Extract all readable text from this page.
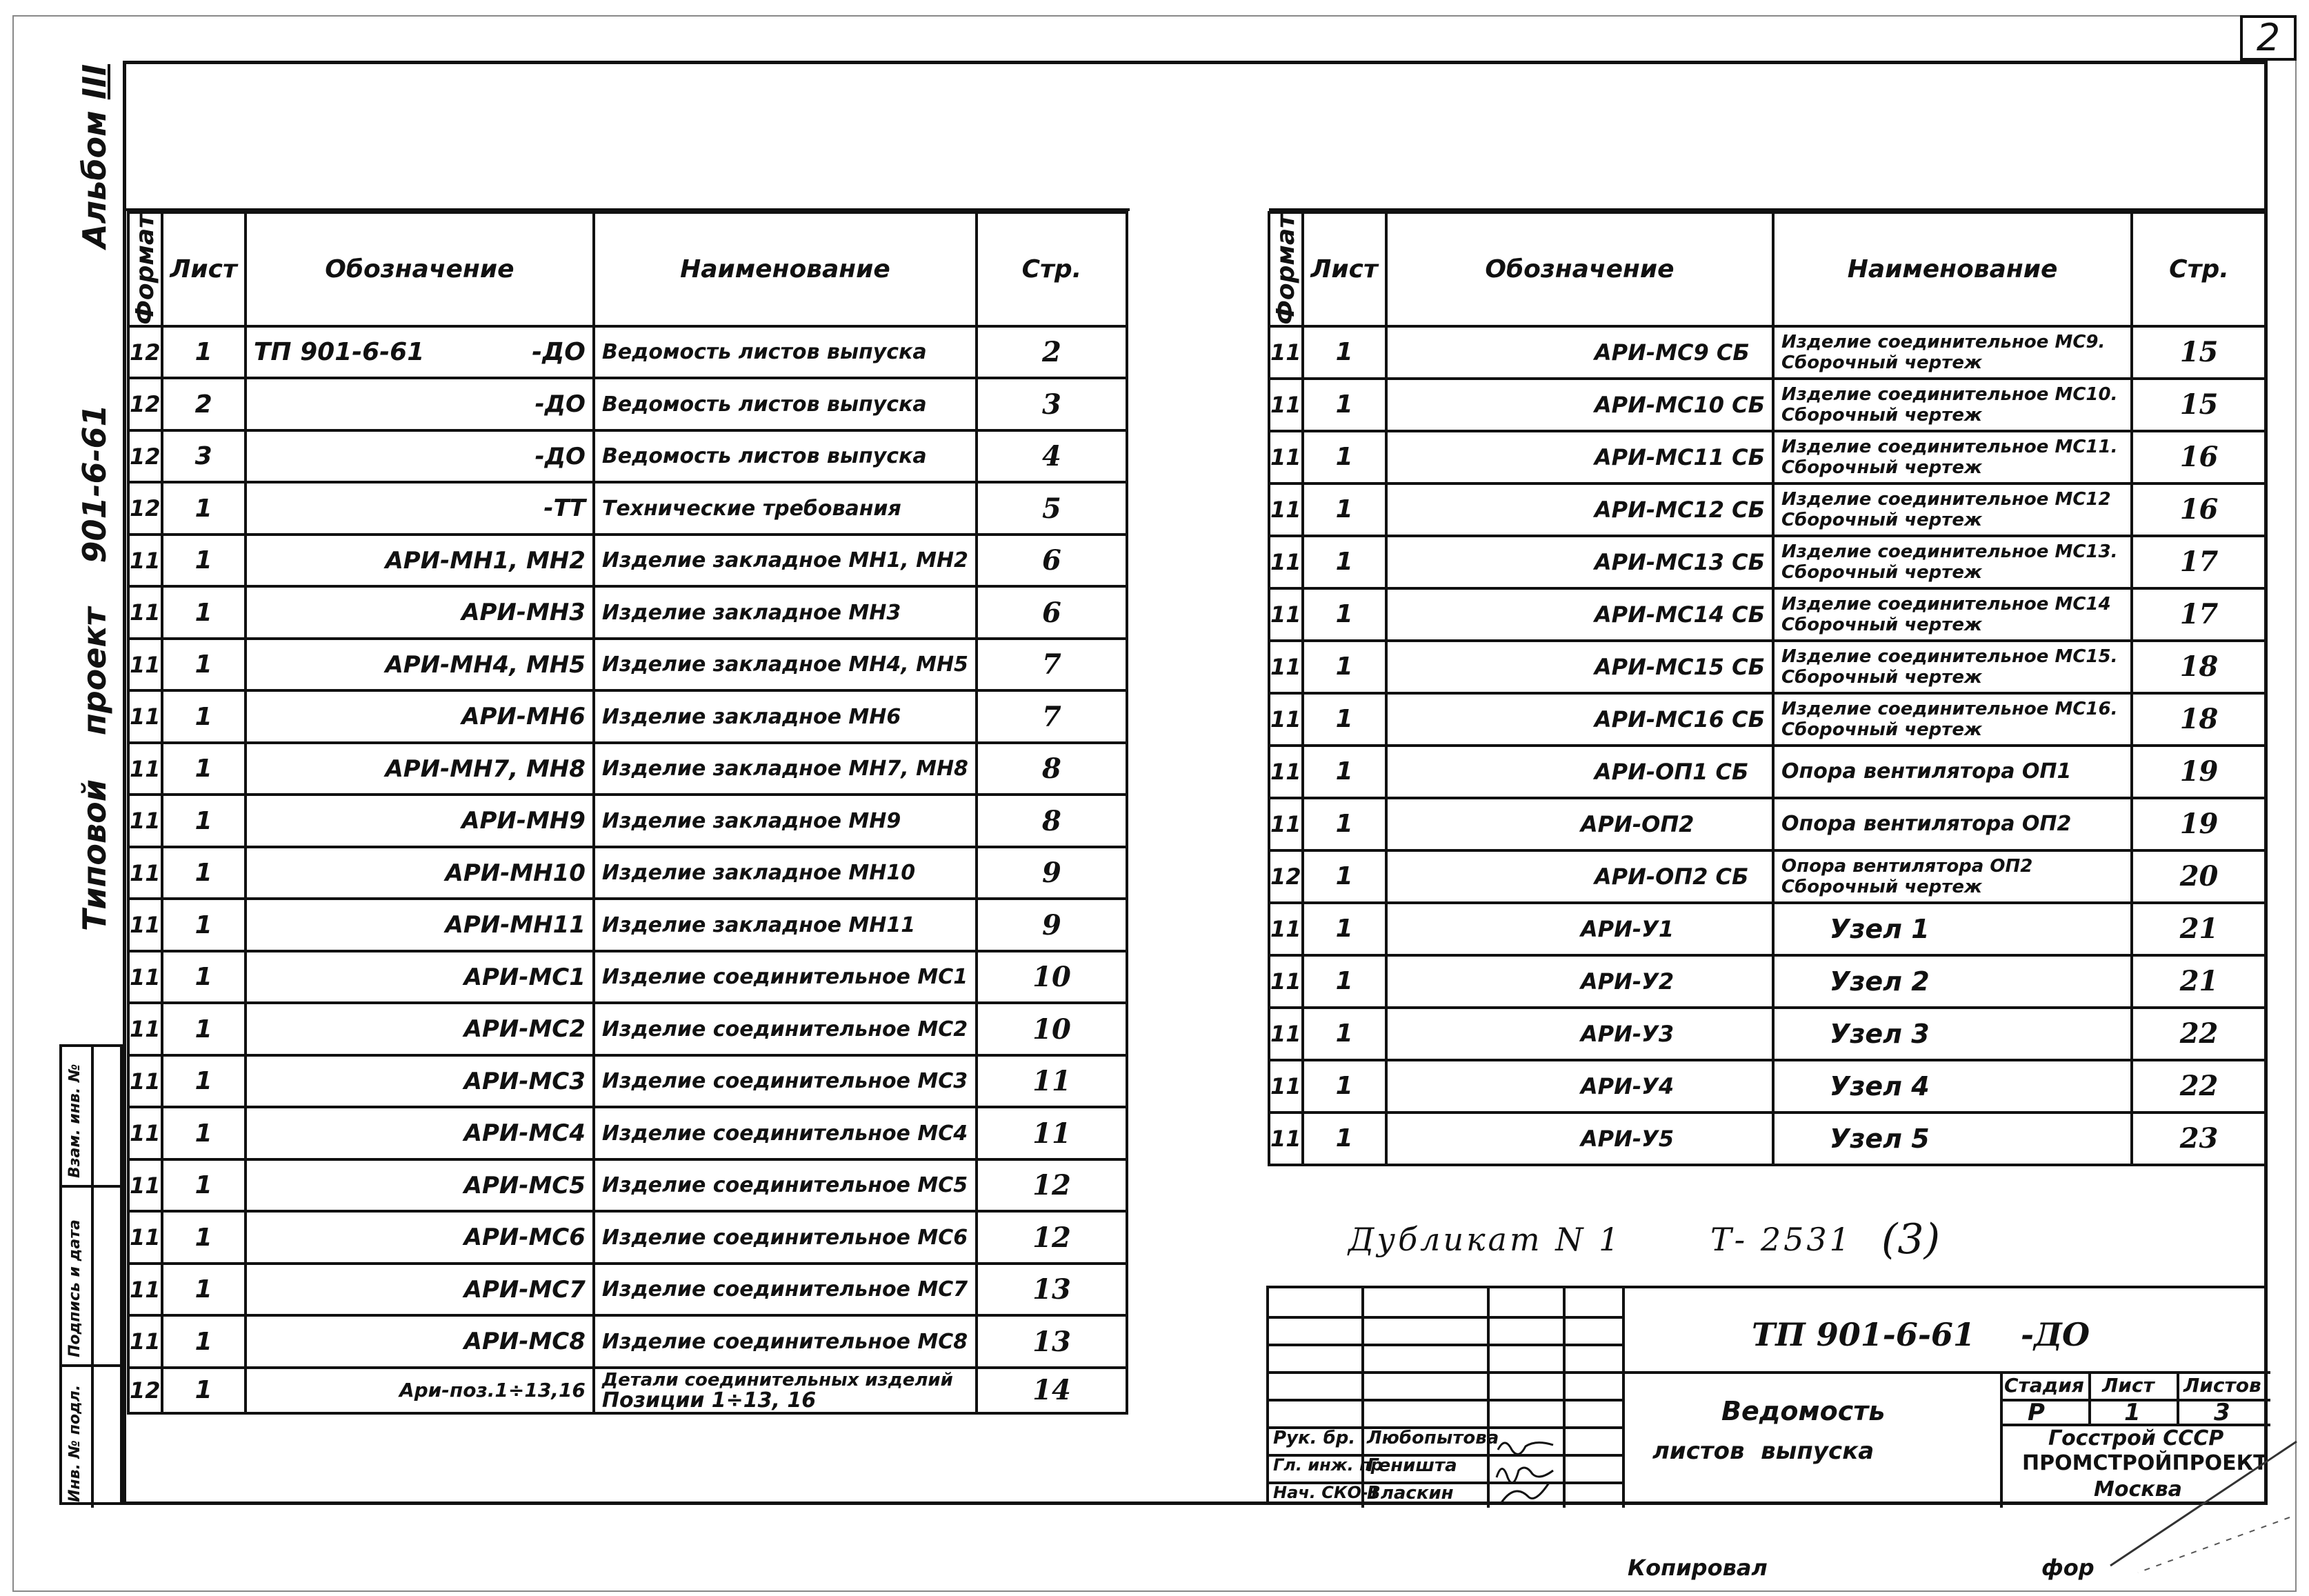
2
Альбом III
Типовой    проект    901-6-61
Взам. инв. №
Подпись и дата
Инв. № подл.
Формат	Лист	Обозначение	Наименование	Стр.
12	1	ТП 901-6-61 -ДО	Ведомость листов выпуска	2
12	2	-ДО	Ведомость листов выпуска	3
12	3	-ДО	Ведомость листов выпуска	4
12	1	-ТТ	Технические требования	5
11	1	АРИ-МН1, МН2	Изделие закладное МН1, МН2	6
11	1	АРИ-МН3	Изделие закладное МН3	6
11	1	АРИ-МН4, МН5	Изделие закладное МН4, МН5	7
11	1	АРИ-МН6	Изделие закладное МН6	7
11	1	АРИ-МН7, МН8	Изделие закладное МН7, МН8	8
11	1	АРИ-МН9	Изделие закладное МН9	8
11	1	АРИ-МН10	Изделие закладное МН10	9
11	1	АРИ-МН11	Изделие закладное МН11	9
11	1	АРИ-МС1	Изделие соединительное МС1	10
11	1	АРИ-МС2	Изделие соединительное МС2	10
11	1	АРИ-МС3	Изделие соединительное МС3	11
11	1	АРИ-МС4	Изделие соединительное МС4	11
11	1	АРИ-МС5	Изделие соединительное МС5	12
11	1	АРИ-МС6	Изделие соединительное МС6	12
11	1	АРИ-МС7	Изделие соединительное МС7	13
11	1	АРИ-МС8	Изделие соединительное МС8	13
12	1	Ари-поз.1÷13,16	Детали соединительных изделий
Позиции 1÷13, 16	14
Формат	Лист	Обозначение	Наименование	Стр.
11	1	АРИ-МС9 СБ	Изделие соединительное МС9.
Сборочный чертеж	15
11	1	АРИ-МС10 СБ	Изделие соединительное МС10.
Сборочный чертеж	15
11	1	АРИ-МС11 СБ	Изделие соединительное МС11.
Сборочный чертеж	16
11	1	АРИ-МС12 СБ	Изделие соединительное МС12
Сборочный чертеж	16
11	1	АРИ-МС13 СБ	Изделие соединительное МС13.
Сборочный чертеж	17
11	1	АРИ-МС14 СБ	Изделие соединительное МС14
Сборочный чертеж	17
11	1	АРИ-МС15 СБ	Изделие соединительное МС15.
Сборочный чертеж	18
11	1	АРИ-МС16 СБ	Изделие соединительное МС16.
Сборочный чертеж	18
11	1	АРИ-ОП1 СБ	Опора вентилятора ОП1	19
11	1	АРИ-ОП2	Опора вентилятора ОП2	19
12	1	АРИ-ОП2 СБ	Опора вентилятора ОП2
Сборочный чертеж	20
11	1	АРИ-У1	Узел 1	21
11	1	АРИ-У2	Узел 2	21
11	1	АРИ-У3	Узел 3	22
11	1	АРИ-У4	Узел 4	22
11	1	АРИ-У5	Узел 5	23
Дубликат N 1	Т- 2531 (3)
Рук. бр. Любопытова
Гл. инж. пр
Геништа
Нач. СКО-1
Власкин
ТП 901-6-61 -ДО
Ведомость
листов  выпуска
Стадия Лист Листов
Р	1	3
Госстрой СССР
ПРОМСТРОЙПРОЕКТ
Москва
Копировал	фор
